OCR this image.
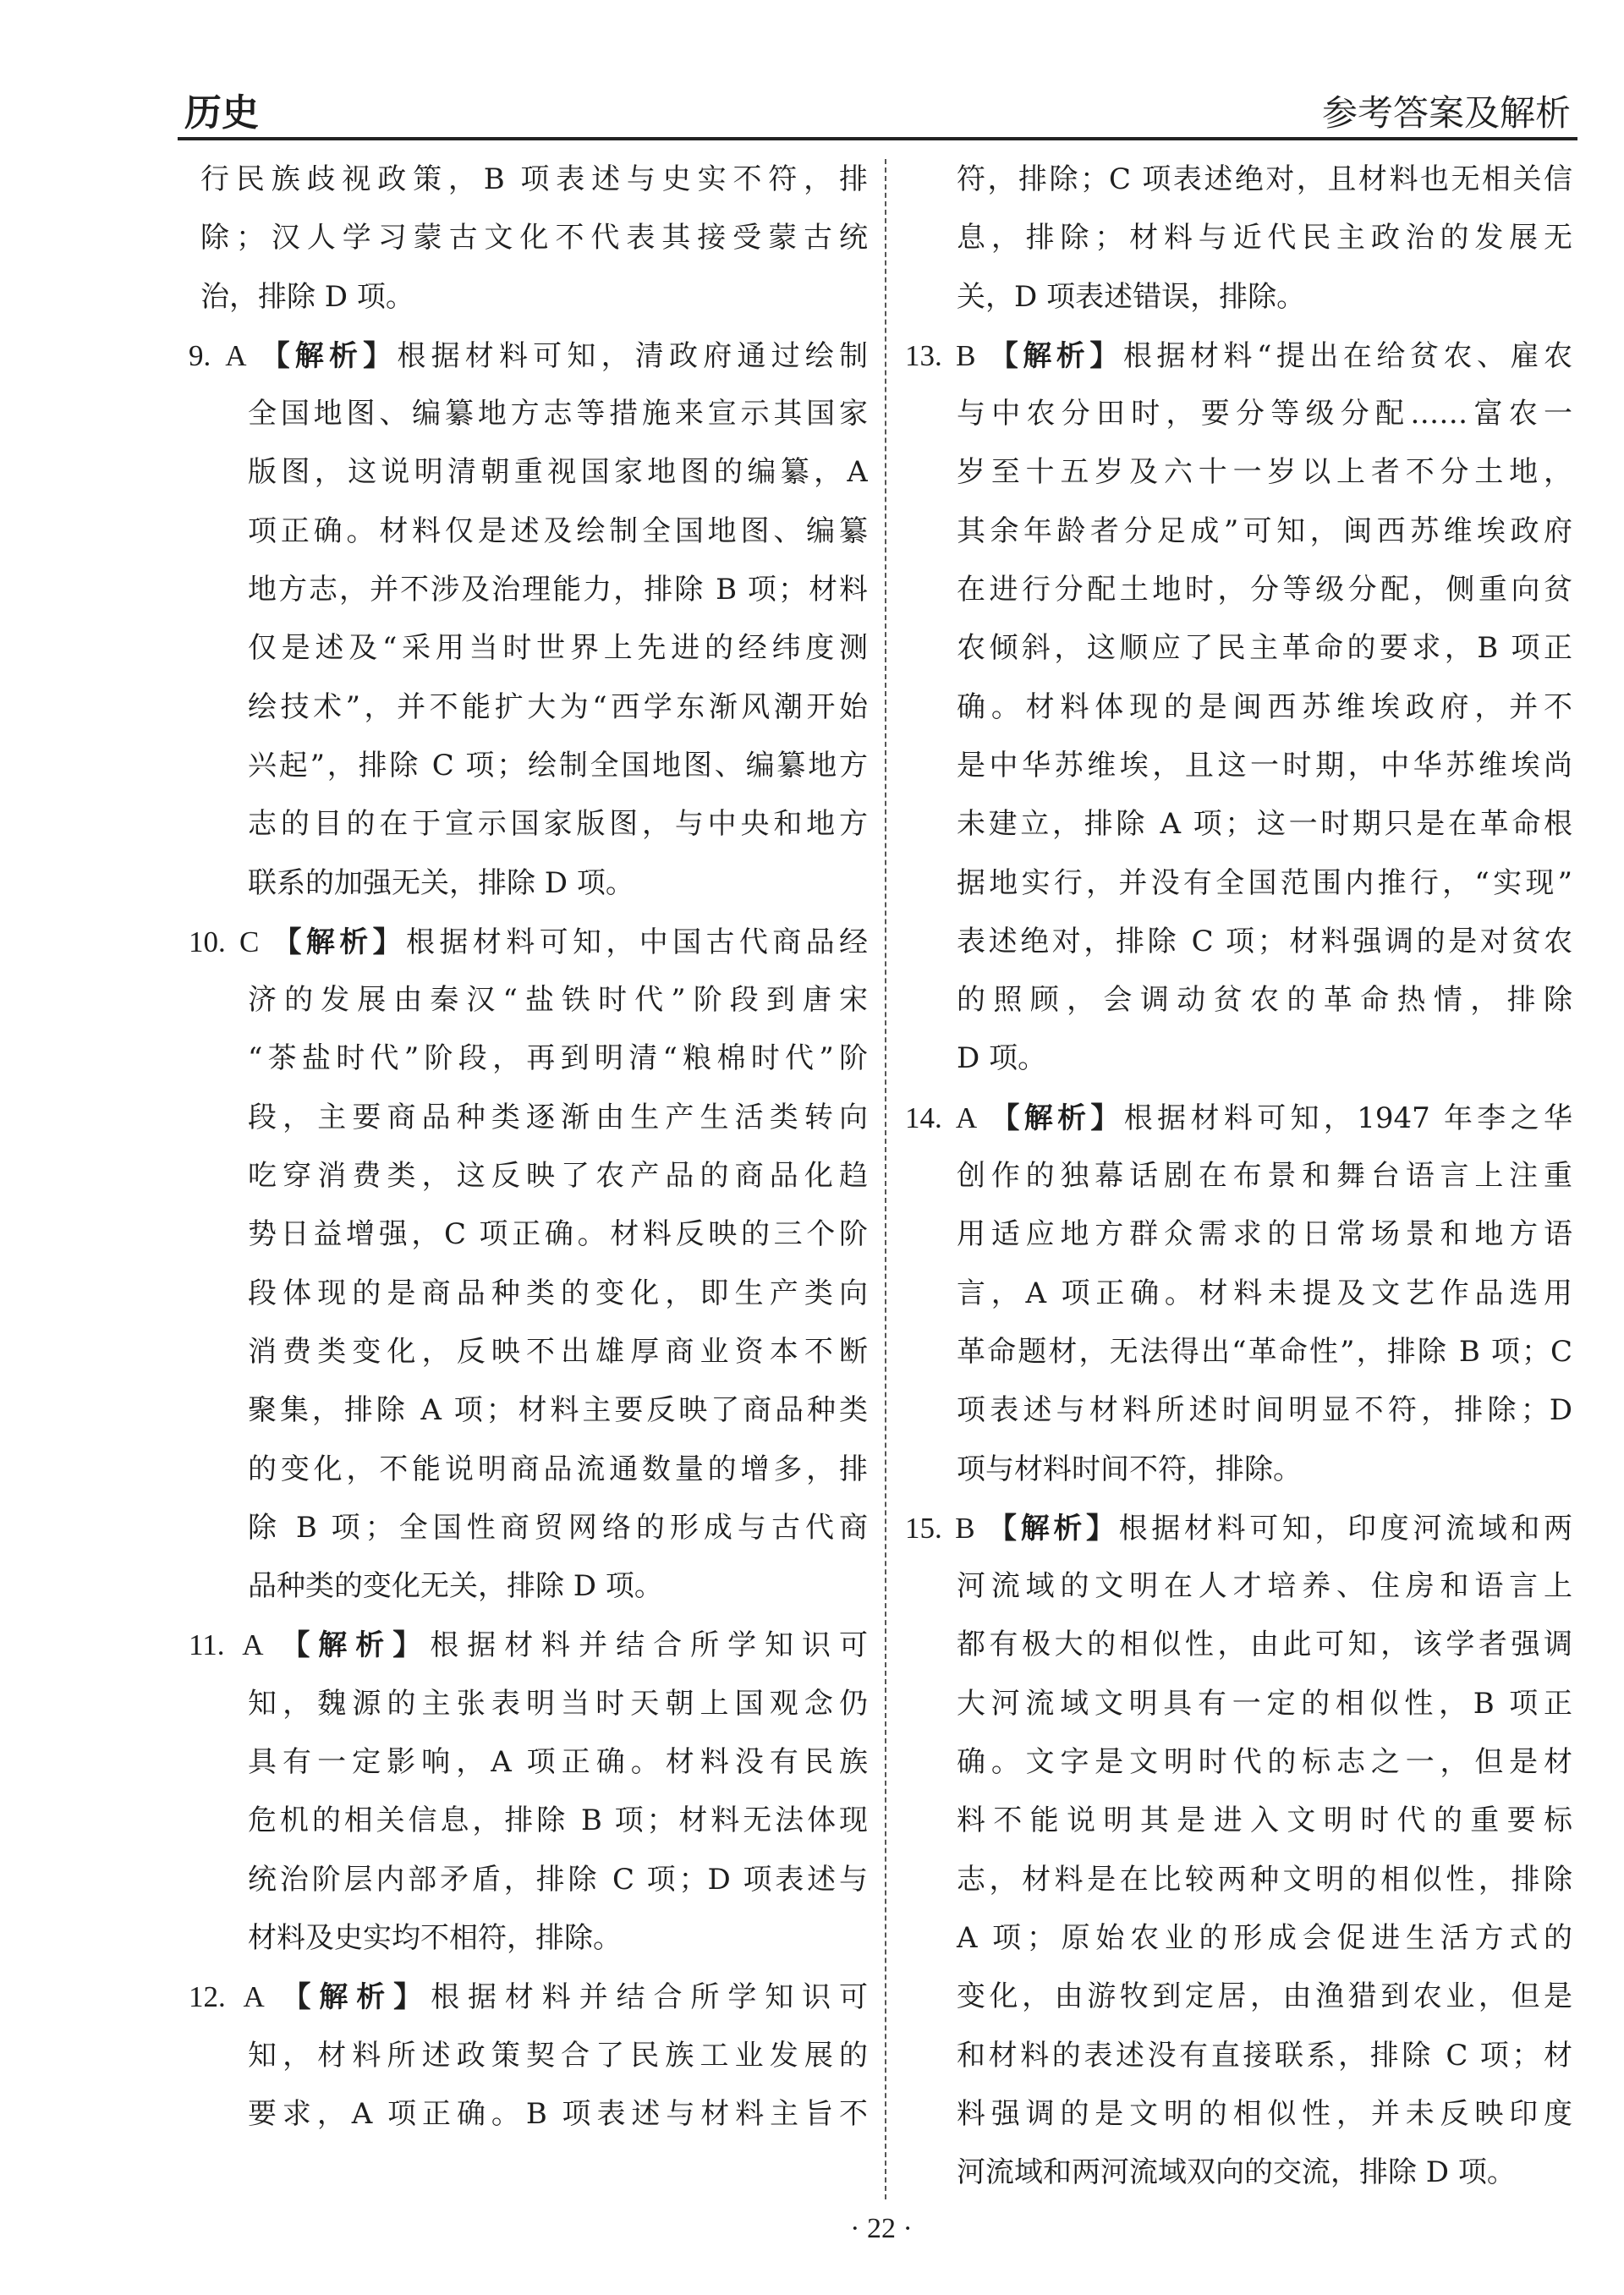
历史	参考答案及解析
行民族歧视政策，B 项表述与史实不符，排
除；汉人学习蒙古文化不代表其接受蒙古统
治，排除 D 项。
9. A 【解析】根据材料可知，清政府通过绘制
全国地图、编纂地方志等措施来宣示其国家
版图，这说明清朝重视国家地图的编纂，A
项正确。材料仅是述及绘制全国地图、编纂
地方志，并不涉及治理能力，排除 B 项；材料
仅是述及“采用当时世界上先进的经纬度测
绘技术”，并不能扩大为“西学东渐风潮开始
兴起”，排除 C 项；绘制全国地图、编纂地方
志的目的在于宣示国家版图，与中央和地方
联系的加强无关，排除 D 项。
10. C 【解析】根据材料可知，中国古代商品经
济的发展由秦汉“盐铁时代”阶段到唐宋
“茶盐时代”阶段，再到明清“粮棉时代”阶
段，主要商品种类逐渐由生产生活类转向
吃穿消费类，这反映了农产品的商品化趋
势日益增强，C 项正确。材料反映的三个阶
段体现的是商品种类的变化，即生产类向
消费类变化，反映不出雄厚商业资本不断
聚集，排除 A 项；材料主要反映了商品种类
的变化，不能说明商品流通数量的增多，排
除 B 项；全国性商贸网络的形成与古代商
品种类的变化无关，排除 D 项。
11. A 【解析】根据材料并结合所学知识可
知，魏源的主张表明当时天朝上国观念仍
具有一定影响，A 项正确。材料没有民族
危机的相关信息，排除 B 项；材料无法体现
统治阶层内部矛盾，排除 C 项；D 项表述与
材料及史实均不相符，排除。
12. A 【解析】根据材料并结合所学知识可
知，材料所述政策契合了民族工业发展的
要求，A 项正确。B 项表述与材料主旨不
符，排除；C 项表述绝对，且材料也无相关信
息，排除；材料与近代民主政治的发展无
关，D 项表述错误，排除。
13. B 【解析】根据材料“提出在给贫农、雇农
与中农分田时，要分等级分配……富农一
岁至十五岁及六十一岁以上者不分土地，
其余年龄者分足成”可知，闽西苏维埃政府
在进行分配土地时，分等级分配，侧重向贫
农倾斜，这顺应了民主革命的要求，B 项正
确。材料体现的是闽西苏维埃政府，并不
是中华苏维埃，且这一时期，中华苏维埃尚
未建立，排除 A 项；这一时期只是在革命根
据地实行，并没有全国范围内推行，“实现”
表述绝对，排除 C 项；材料强调的是对贫农
的照顾，会调动贫农的革命热情，排除
D 项。
14. A 【解析】根据材料可知，1947 年李之华
创作的独幕话剧在布景和舞台语言上注重
用适应地方群众需求的日常场景和地方语
言，A 项正确。材料未提及文艺作品选用
革命题材，无法得出“革命性”，排除 B 项；C
项表述与材料所述时间明显不符，排除；D
项与材料时间不符，排除。
15. B 【解析】根据材料可知，印度河流域和两
河流域的文明在人才培养、住房和语言上
都有极大的相似性，由此可知，该学者强调
大河流域文明具有一定的相似性，B 项正
确。文字是文明时代的标志之一，但是材
料不能说明其是进入文明时代的重要标
志，材料是在比较两种文明的相似性，排除
A 项；原始农业的形成会促进生活方式的
变化，由游牧到定居，由渔猎到农业，但是
和材料的表述没有直接联系，排除 C 项；材
料强调的是文明的相似性，并未反映印度
河流域和两河流域双向的交流，排除 D 项。
· 22 ·
